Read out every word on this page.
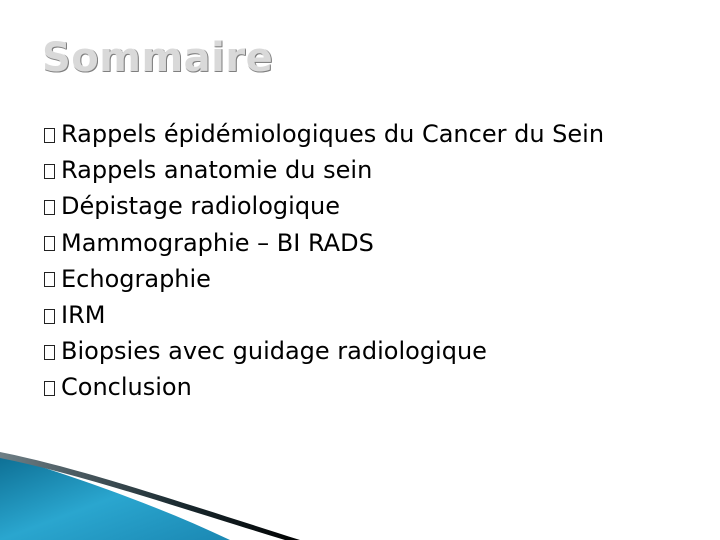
Sommaire
Rappels épidémiologiques du Cancer du Sein
Rappels anatomie du sein
Dépistage radiologique
Mammographie – BI RADS
Echographie
IRM
Biopsies avec guidage radiologique
Conclusion
